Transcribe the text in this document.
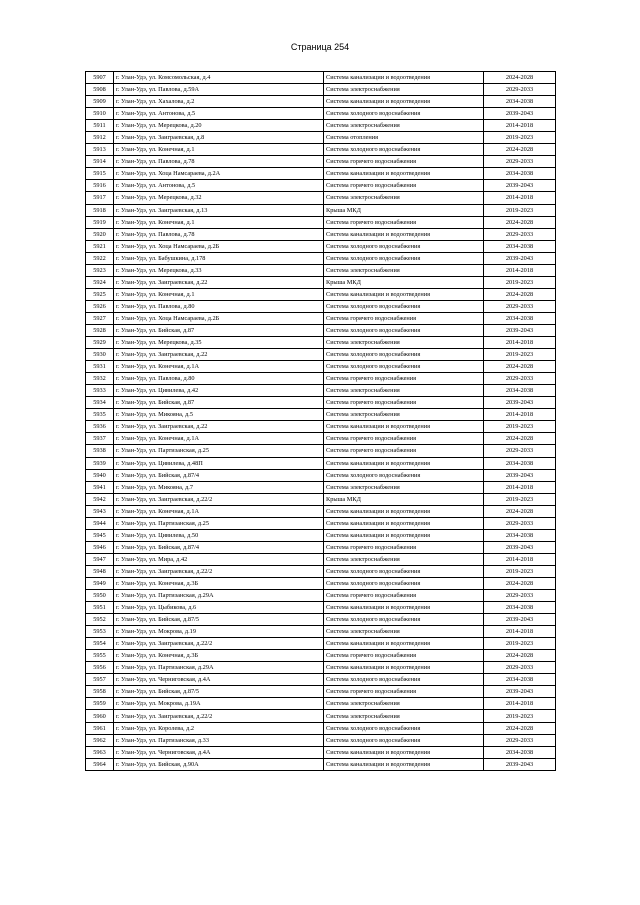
Страница 254
5907	г. Улан-Удэ, ул. Комсомольская, д.4	Система канализации и водоотведения	2024-2028
5908	г. Улан-Удэ, ул. Павлова, д.59А	Система электроснабжения	2029-2033
5909	г. Улан-Удэ, ул. Хахалова, д.2	Система канализации и водоотведения	2034-2038
5910	г. Улан-Удэ, ул. Антонова, д.5	Система холодного водоснабжения	2039-2043
5911	г. Улан-Удэ, ул. Мерецкова, д.20	Система электроснабжения	2014-2018
5912	г. Улан-Удэ, ул. Заиграевская, д.8	Система отопления	2019-2023
5913	г. Улан-Удэ, ул. Конечная, д.1	Система холодного водоснабжения	2024-2028
5914	г. Улан-Удэ, ул. Павлова, д.78	Система горячего водоснабжения	2029-2033
5915	г. Улан-Удэ, ул. Хоца Намсараева, д.2А	Система канализации и водоотведения	2034-2038
5916	г. Улан-Удэ, ул. Антонова, д.5	Система горячего водоснабжения	2039-2043
5917	г. Улан-Удэ, ул. Мерецкова, д.32	Система электроснабжения	2014-2018
5918	г. Улан-Удэ, ул. Заиграевская, д.13	Крыша МКД	2019-2023
5919	г. Улан-Удэ, ул. Конечная, д.1	Система горячего водоснабжения	2024-2028
5920	г. Улан-Удэ, ул. Павлова, д.78	Система канализации и водоотведения	2029-2033
5921	г. Улан-Удэ, ул. Хоца Намсараева, д.2Б	Система холодного водоснабжения	2034-2038
5922	г. Улан-Удэ, ул. Бабушкина, д.178	Система холодного водоснабжения	2039-2043
5923	г. Улан-Удэ, ул. Мерецкова, д.33	Система электроснабжения	2014-2018
5924	г. Улан-Удэ, ул. Заиграевская, д.22	Крыша МКД	2019-2023
5925	г. Улан-Удэ, ул. Конечная, д.1	Система канализации и водоотведения	2024-2028
5926	г. Улан-Удэ, ул. Павлова, д.80	Система холодного водоснабжения	2029-2033
5927	г. Улан-Удэ, ул. Хоца Намсараева, д.2Б	Система горячего водоснабжения	2034-2038
5928	г. Улан-Удэ, ул. Бийская, д.87	Система холодного водоснабжения	2039-2043
5929	г. Улан-Удэ, ул. Мерецкова, д.35	Система электроснабжения	2014-2018
5930	г. Улан-Удэ, ул. Заиграевская, д.22	Система холодного водоснабжения	2019-2023
5931	г. Улан-Удэ, ул. Конечная, д.1А	Система холодного водоснабжения	2024-2028
5932	г. Улан-Удэ, ул. Павлова, д.80	Система горячего водоснабжения	2029-2033
5933	г. Улан-Удэ, ул. Цивилева, д.42	Система электроснабжения	2034-2038
5934	г. Улан-Удэ, ул. Бийская, д.87	Система горячего водоснабжения	2039-2043
5935	г. Улан-Удэ, ул. Микояна, д.5	Система электроснабжения	2014-2018
5936	г. Улан-Удэ, ул. Заиграевская, д.22	Система канализации и водоотведения	2019-2023
5937	г. Улан-Удэ, ул. Конечная, д.1А	Система горячего водоснабжения	2024-2028
5938	г. Улан-Удэ, ул. Партизанская, д.25	Система горячего водоснабжения	2029-2033
5939	г. Улан-Удэ, ул. Цивилева, д.48П	Система канализации и водоотведения	2034-2038
5940	г. Улан-Удэ, ул. Бийская, д.87/4	Система холодного водоснабжения	2039-2043
5941	г. Улан-Удэ, ул. Микояна, д.7	Система электроснабжения	2014-2018
5942	г. Улан-Удэ, ул. Заиграевская, д.22/2	Крыша МКД	2019-2023
5943	г. Улан-Удэ, ул. Конечная, д.1А	Система канализации и водоотведения	2024-2028
5944	г. Улан-Удэ, ул. Партизанская, д.25	Система канализации и водоотведения	2029-2033
5945	г. Улан-Удэ, ул. Цивилева, д.50	Система канализации и водоотведения	2034-2038
5946	г. Улан-Удэ, ул. Бийская, д.87/4	Система горячего водоснабжения	2039-2043
5947	г. Улан-Удэ, ул. Мира, д.42	Система электроснабжения	2014-2018
5948	г. Улан-Удэ, ул. Заиграевская, д.22/2	Система холодного водоснабжения	2019-2023
5949	г. Улан-Удэ, ул. Конечная, д.3Б	Система холодного водоснабжения	2024-2028
5950	г. Улан-Удэ, ул. Партизанская, д.29А	Система горячего водоснабжения	2029-2033
5951	г. Улан-Удэ, ул. Цыбикова, д.6	Система канализации и водоотведения	2034-2038
5952	г. Улан-Удэ, ул. Бийская, д.87/5	Система холодного водоснабжения	2039-2043
5953	г. Улан-Удэ, ул. Мокрова, д.19	Система электроснабжения	2014-2018
5954	г. Улан-Удэ, ул. Заиграевская, д.22/2	Система канализации и водоотведения	2019-2023
5955	г. Улан-Удэ, ул. Конечная, д.3Б	Система горячего водоснабжения	2024-2028
5956	г. Улан-Удэ, ул. Партизанская, д.29А	Система канализации и водоотведения	2029-2033
5957	г. Улан-Удэ, ул. Черниговская, д.4А	Система холодного водоснабжения	2034-2038
5958	г. Улан-Удэ, ул. Бийская, д.87/5	Система горячего водоснабжения	2039-2043
5959	г. Улан-Удэ, ул. Мокрова, д.19А	Система электроснабжения	2014-2018
5960	г. Улан-Удэ, ул. Заиграевская, д.22/2	Система электроснабжения	2019-2023
5961	г. Улан-Удэ, ул. Королева, д.2	Система холодного водоснабжения	2024-2028
5962	г. Улан-Удэ, ул. Партизанская, д.33	Система холодного водоснабжения	2029-2033
5963	г. Улан-Удэ, ул. Черниговская, д.4А	Система канализации и водоотведения	2034-2038
5964	г. Улан-Удэ, ул. Бийская, д.90А	Система канализации и водоотведения	2039-2043
